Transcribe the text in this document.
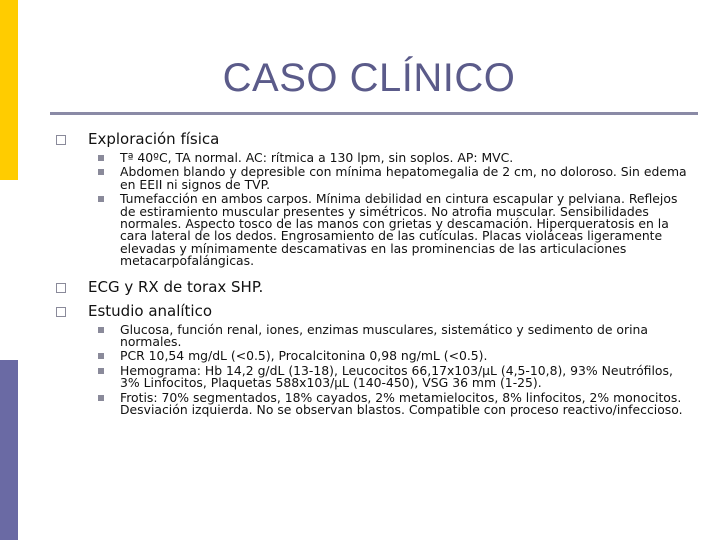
CASO CLÍNICO
Exploración física
Tª 40ºC, TA normal. AC: rítmica a 130 lpm, sin soplos. AP: MVC.
Abdomen blando y depresible con mínima hepatomegalia de 2 cm, no doloroso. Sin edema en EEII ni signos de TVP.
Tumefacción en ambos carpos. Mínima debilidad en cintura escapular y pelviana. Reflejos de estiramiento muscular presentes y simétricos. No atrofia muscular. Sensibilidades normales. Aspecto tosco de las manos con grietas y descamación. Hiperqueratosis en la cara lateral de los dedos. Engrosamiento de las cutículas. Placas violáceas ligeramente elevadas y mínimamente descamativas en las prominencias de las articulaciones metacarpofalángicas.
ECG y RX de torax SHP.
Estudio analítico
Glucosa, función renal, iones, enzimas musculares, sistemático y sedimento de orina normales.
PCR 10,54 mg/dL (<0.5), Procalcitonina 0,98 ng/mL (<0.5).
Hemograma: Hb 14,2 g/dL (13-18), Leucocitos 66,17x103/µL (4,5-10,8), 93% Neutrófilos, 3% Linfocitos, Plaquetas 588x103/µL (140-450), VSG 36 mm (1-25).
Frotis: 70% segmentados, 18% cayados, 2% metamielocitos, 8% linfocitos, 2% monocitos. Desviación izquierda. No se observan blastos. Compatible con proceso reactivo/infeccioso.
